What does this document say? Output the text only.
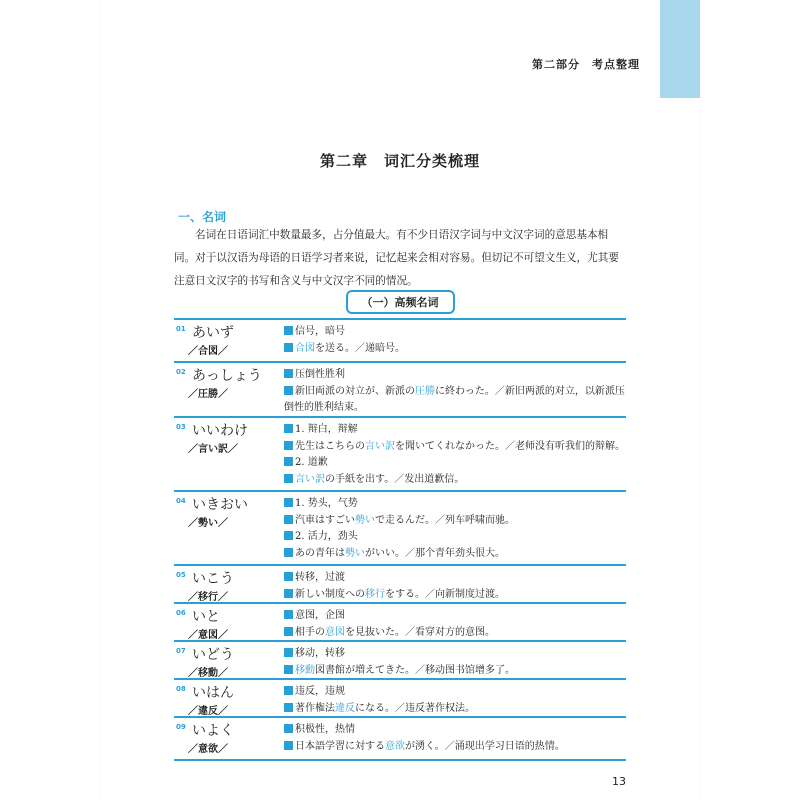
第二部分　考点整理
第二章　词汇分类梳理
一、名词

名词在日语词汇中数量最多，占分值最大。有不少日语汉字词与中文汉字词的意思基本相同。对于以汉语为母语的日语学习者来说，记忆起来会相对容易。但切记不可望文生义，尤其要注意日文汉字的书写和含义与中文汉字不同的情况。

（一）高频名词
01 あいず
／合図／
信号，暗号
合図を送る。／递暗号。
02 あっしょう
／圧勝／
压倒性胜利
新旧両派の対立が、新派の圧勝に終わった。／新旧两派的对立，以新派压倒性的胜利结束。
03 いいわけ
／言い訳／
1. 辩白，辩解
先生はこちらの言い訳を聞いてくれなかった。／老师没有听我们的辩解。
2. 道歉
言い訳の手紙を出す。／发出道歉信。
04 いきおい
／勢い／
1. 势头，气势
汽車はすごい勢いで走るんだ。／列车呼啸而驰。
2. 活力，劲头
あの青年は勢いがいい。／那个青年劲头很大。
05 いこう
／移行／
转移，过渡
新しい制度への移行をする。／向新制度过渡。
06 いと
／意図／
意图，企图
相手の意図を見抜いた。／看穿对方的意图。
07 いどう
／移動／
移动，转移
移動図書館が増えてきた。／移动图书馆增多了。
08 いはん
／違反／
违反，违规
著作権法違反になる。／违反著作权法。
09 いよく
／意欲／
积极性，热情
日本語学習に対する意欲が湧く。／涌现出学习日语的热情。
13
